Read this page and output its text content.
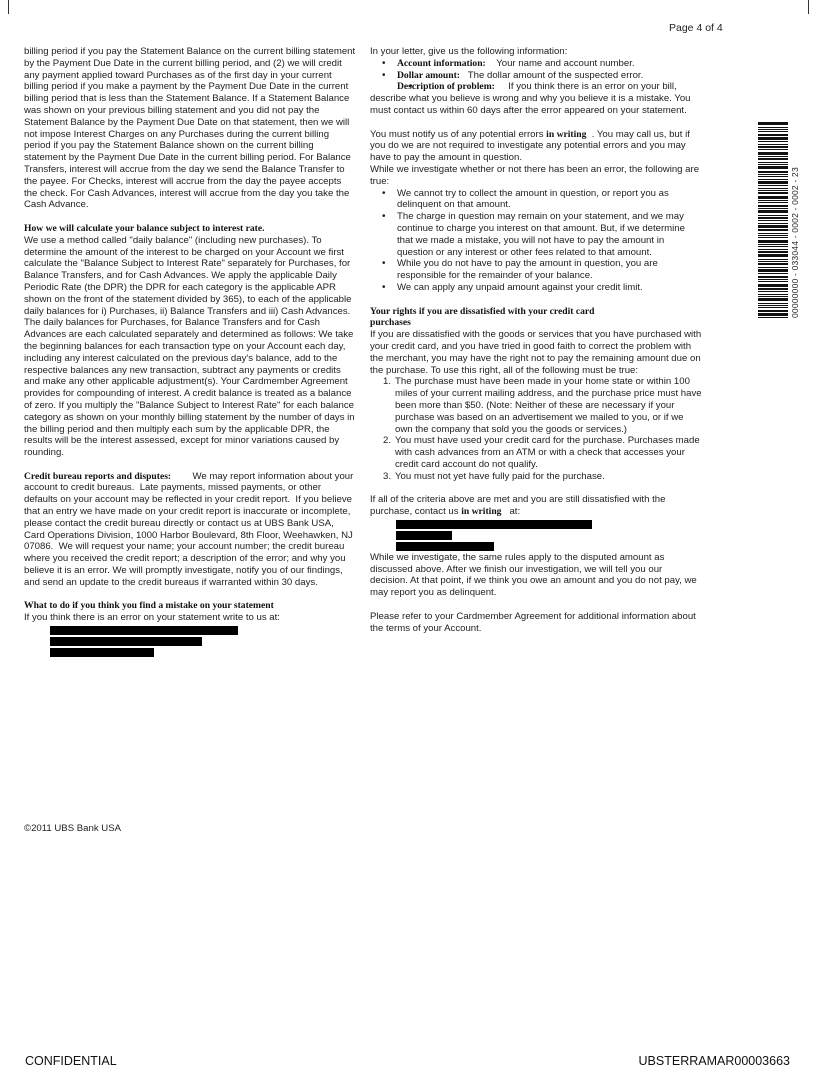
Page 4 of 4

billing period if you pay the Statement Balance on the current billing statement by the Payment Due Date in the current billing period, and (2) we will credit any payment applied toward Purchases as of the first day in your current billing period if you make a payment by the Payment Due Date in the current billing period that is less than the Statement Balance. If a Statement Balance was shown on your previous billing statement and you did not pay the Statement Balance by the Payment Due Date on that statement, then we will not impose Interest Charges on any Purchases during the current billing period if you pay the Statement Balance shown on the current billing statement by the Payment Due Date in the current billing period. For Balance Transfers, interest will accrue from the day we send the Balance Transfer to the payee. For Checks, interest will accrue from the day the payee accepts the check. For Cash Advances, interest will accrue from the day you take the Cash Advance.

How we will calculate your balance subject to interest rate.

We use a method called "daily balance" (including new purchases). To determine the amount of the interest to be charged on your Account we first calculate the "Balance Subject to Interest Rate" separately for Purchases, for Balance Transfers, and for Cash Advances. We apply the applicable Daily Periodic Rate (the DPR) the DPR for each category is the applicable APR shown on the front of the statement divided by 365), to each of the applicable daily balances for i) Purchases, ii) Balance Transfers and iii) Cash Advances. The daily balances for Purchases, for Balance Transfers and for Cash Advances are each calculated separately and determined as follows: We take the beginning balances for each transaction type on your Account each day, including any interest calculated on the previous day's balance, add to the respective balances any new transaction, subtract any payments or credits and make any other applicable adjustment(s). Your Cardmember Agreement provides for compounding of interest. A credit balance is treated as a balance of zero. If you multiply the "Balance Subject to Interest Rate" for each balance category as shown on your monthly billing statement by the number of days in the billing period and then multiply each sum by the applicable DPR, the results will be the interest assessed, except for minor variations caused by rounding.

Credit bureau reports and disputes:        We may report information about your account to credit bureaus.  Late payments, missed payments, or other defaults on your account may be reflected in your credit report.  If you believe that an entry we have made on your credit report is inaccurate or incomplete, please contact the credit bureau directly or contact us at UBS Bank USA, Card Operations Division, 1000 Harbor Boulevard, 8th Floor, Weehawken, NJ 07086.  We will request your name; your account number; the credit bureau where you received the credit report; a description of the error; and why you believe it is an error. We will promptly investigate, notify you of our findings, and send an update to the credit bureaus if warranted within 30 days.

What to do if you think you find a mistake on your statement

If you think there is an error on your statement write to us at:

In your letter, give us the following information:

• Account information:    Your name and account number.
• Dollar amount:   The dollar amount of the suspected error.
• Description of problem:     If you think there is an error on your bill, describe what you believe is wrong and why you believe it is a mistake. You must contact us within 60 days after the error appeared on your statement.

You must notify us of any potential errors in writing  . You may call us, but if you do we are not required to investigate any potential errors and you may have to pay the amount in question.

While we investigate whether or not there has been an error, the following are true:

• We cannot try to collect the amount in question, or report you as delinquent on that amount.
• The charge in question may remain on your statement, and we may continue to charge you interest on that amount. But, if we determine that we made a mistake, you will not have to pay the amount in question or any interest or other fees related to that amount.
• While you do not have to pay the amount in question, you are responsible for the remainder of your balance.
• We can apply any unpaid amount against your credit limit.

Your rights if you are dissatisfied with your credit card purchases

If you are dissatisfied with the goods or services that you have purchased with your credit card, and you have tried in good faith to correct the problem with the merchant, you may have the right not to pay the remaining amount due on the purchase. To use this right, all of the following must be true:

1. The purchase must have been made in your home state or within 100 miles of your current mailing address, and the purchase price must have been more than $50. (Note: Neither of these are necessary if your purchase was based on an advertisement we mailed to you, or if we own the company that sold you the goods or services.)
2. You must have used your credit card for the purchase. Purchases made with cash advances from an ATM or with a check that accesses your credit card account do not qualify.
3. You must not yet have fully paid for the purchase.

If all of the criteria above are met and you are still dissatisfied with the purchase, contact us in writing   at:

While we investigate, the same rules apply to the disputed amount as discussed above. After we finish our investigation, we will tell you our decision. At that point, if we think you owe an amount and you do not pay, we may report you as delinquent.

Please refer to your Cardmember Agreement for additional information about the terms of your Account.

00000000 - 033044 - 0002 - 0002 - 23
©2011 UBS Bank USA
CONFIDENTIAL	UBSTERRAMAR00003663
